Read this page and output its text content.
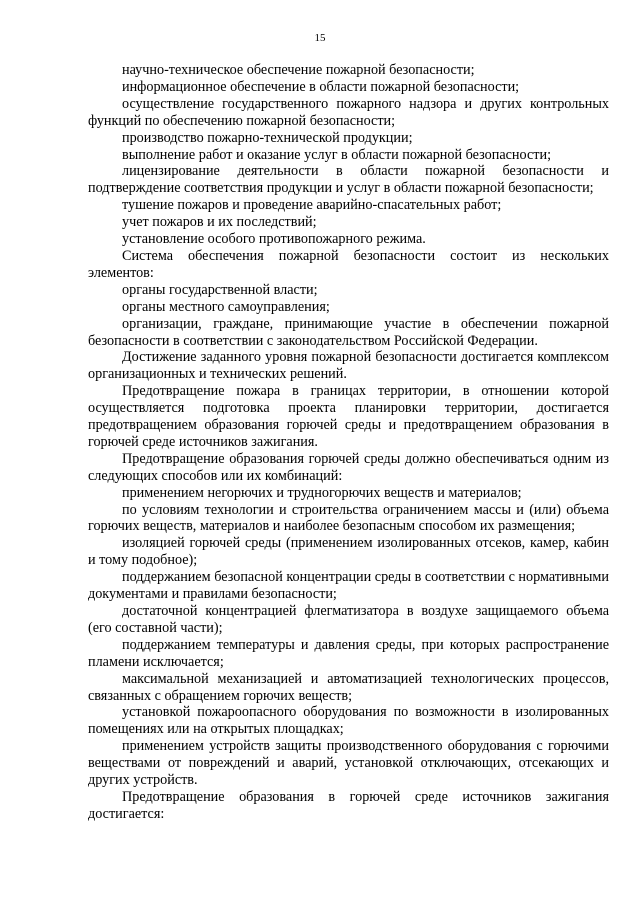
15

научно-техническое обеспечение пожарной безопасности;

информационное обеспечение в области пожарной безопасности;

осуществление государственного пожарного надзора и других контрольных функций по обеспечению пожарной безопасности;

производство пожарно-технической продукции;

выполнение работ и оказание услуг в области пожарной безопасности;

лицензирование деятельности в области пожарной безопасности и подтверждение соответствия продукции и услуг в области пожарной безопасности;

тушение пожаров и проведение аварийно-спасательных работ;

учет пожаров и их последствий;

установление особого противопожарного режима.

Система обеспечения пожарной безопасности состоит из нескольких элементов:

органы государственной власти;

органы местного самоуправления;

организации, граждане, принимающие участие в обеспечении пожарной безопасности в соответствии с законодательством Российской Федерации.

Достижение заданного уровня пожарной безопасности достигается комплексом организационных и технических решений.

Предотвращение пожара в границах территории, в отношении которой осуществляется подготовка проекта планировки территории, достигается предотвращением образования горючей среды и предотвращением образования в горючей среде источников зажигания.

Предотвращение образования горючей среды должно обеспечиваться одним из следующих способов или их комбинаций:

применением негорючих и трудногорючих веществ и материалов;

по условиям технологии и строительства ограничением массы и (или) объема горючих веществ, материалов и наиболее безопасным способом их размещения;

изоляцией горючей среды (применением изолированных отсеков, камер, кабин и тому подобное);

поддержанием безопасной концентрации среды в соответствии с нормативными документами и правилами безопасности;

достаточной концентрацией флегматизатора в воздухе защищаемого объема (его составной части);

поддержанием температуры и давления среды, при которых распространение пламени исключается;

максимальной механизацией и автоматизацией технологических процессов, связанных с обращением горючих веществ;

установкой пожароопасного оборудования по возможности в изолированных помещениях или на открытых площадках;

применением устройств защиты производственного оборудования с горючими веществами от повреждений и аварий, установкой отключающих, отсекающих и других устройств.

Предотвращение образования в горючей среде источников зажигания достигается:
